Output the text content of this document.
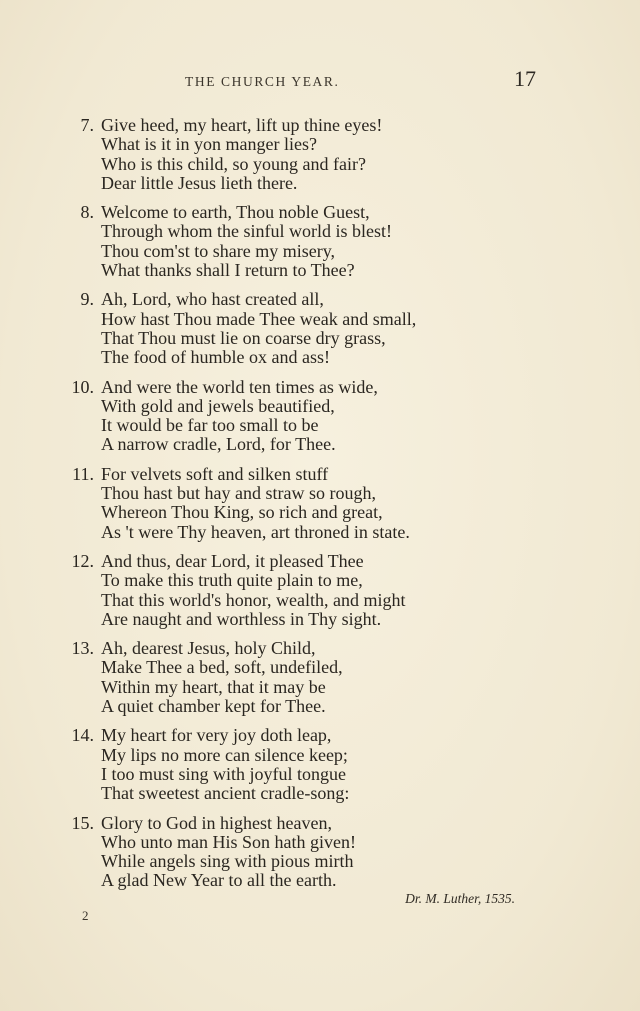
THE CHURCH YEAR.	17
7. Give heed, my heart, lift up thine eyes!
What is it in yon manger lies?
Who is this child, so young and fair?
Dear little Jesus lieth there.
8. Welcome to earth, Thou noble Guest,
Through whom the sinful world is blest!
Thou com'st to share my misery,
What thanks shall I return to Thee?
9. Ah, Lord, who hast created all,
How hast Thou made Thee weak and small,
That Thou must lie on coarse dry grass,
The food of humble ox and ass!
10. And were the world ten times as wide,
With gold and jewels beautified,
It would be far too small to be
A narrow cradle, Lord, for Thee.
11. For velvets soft and silken stuff
Thou hast but hay and straw so rough,
Whereon Thou King, so rich and great,
As 't were Thy heaven, art throned in state.
12. And thus, dear Lord, it pleased Thee
To make this truth quite plain to me,
That this world's honor, wealth, and might
Are naught and worthless in Thy sight.
13. Ah, dearest Jesus, holy Child,
Make Thee a bed, soft, undefiled,
Within my heart, that it may be
A quiet chamber kept for Thee.
14. My heart for very joy doth leap,
My lips no more can silence keep;
I too must sing with joyful tongue
That sweetest ancient cradle-song:
15. Glory to God in highest heaven,
Who unto man His Son hath given!
While angels sing with pious mirth
A glad New Year to all the earth.
Dr. M. Luther, 1535.
2
